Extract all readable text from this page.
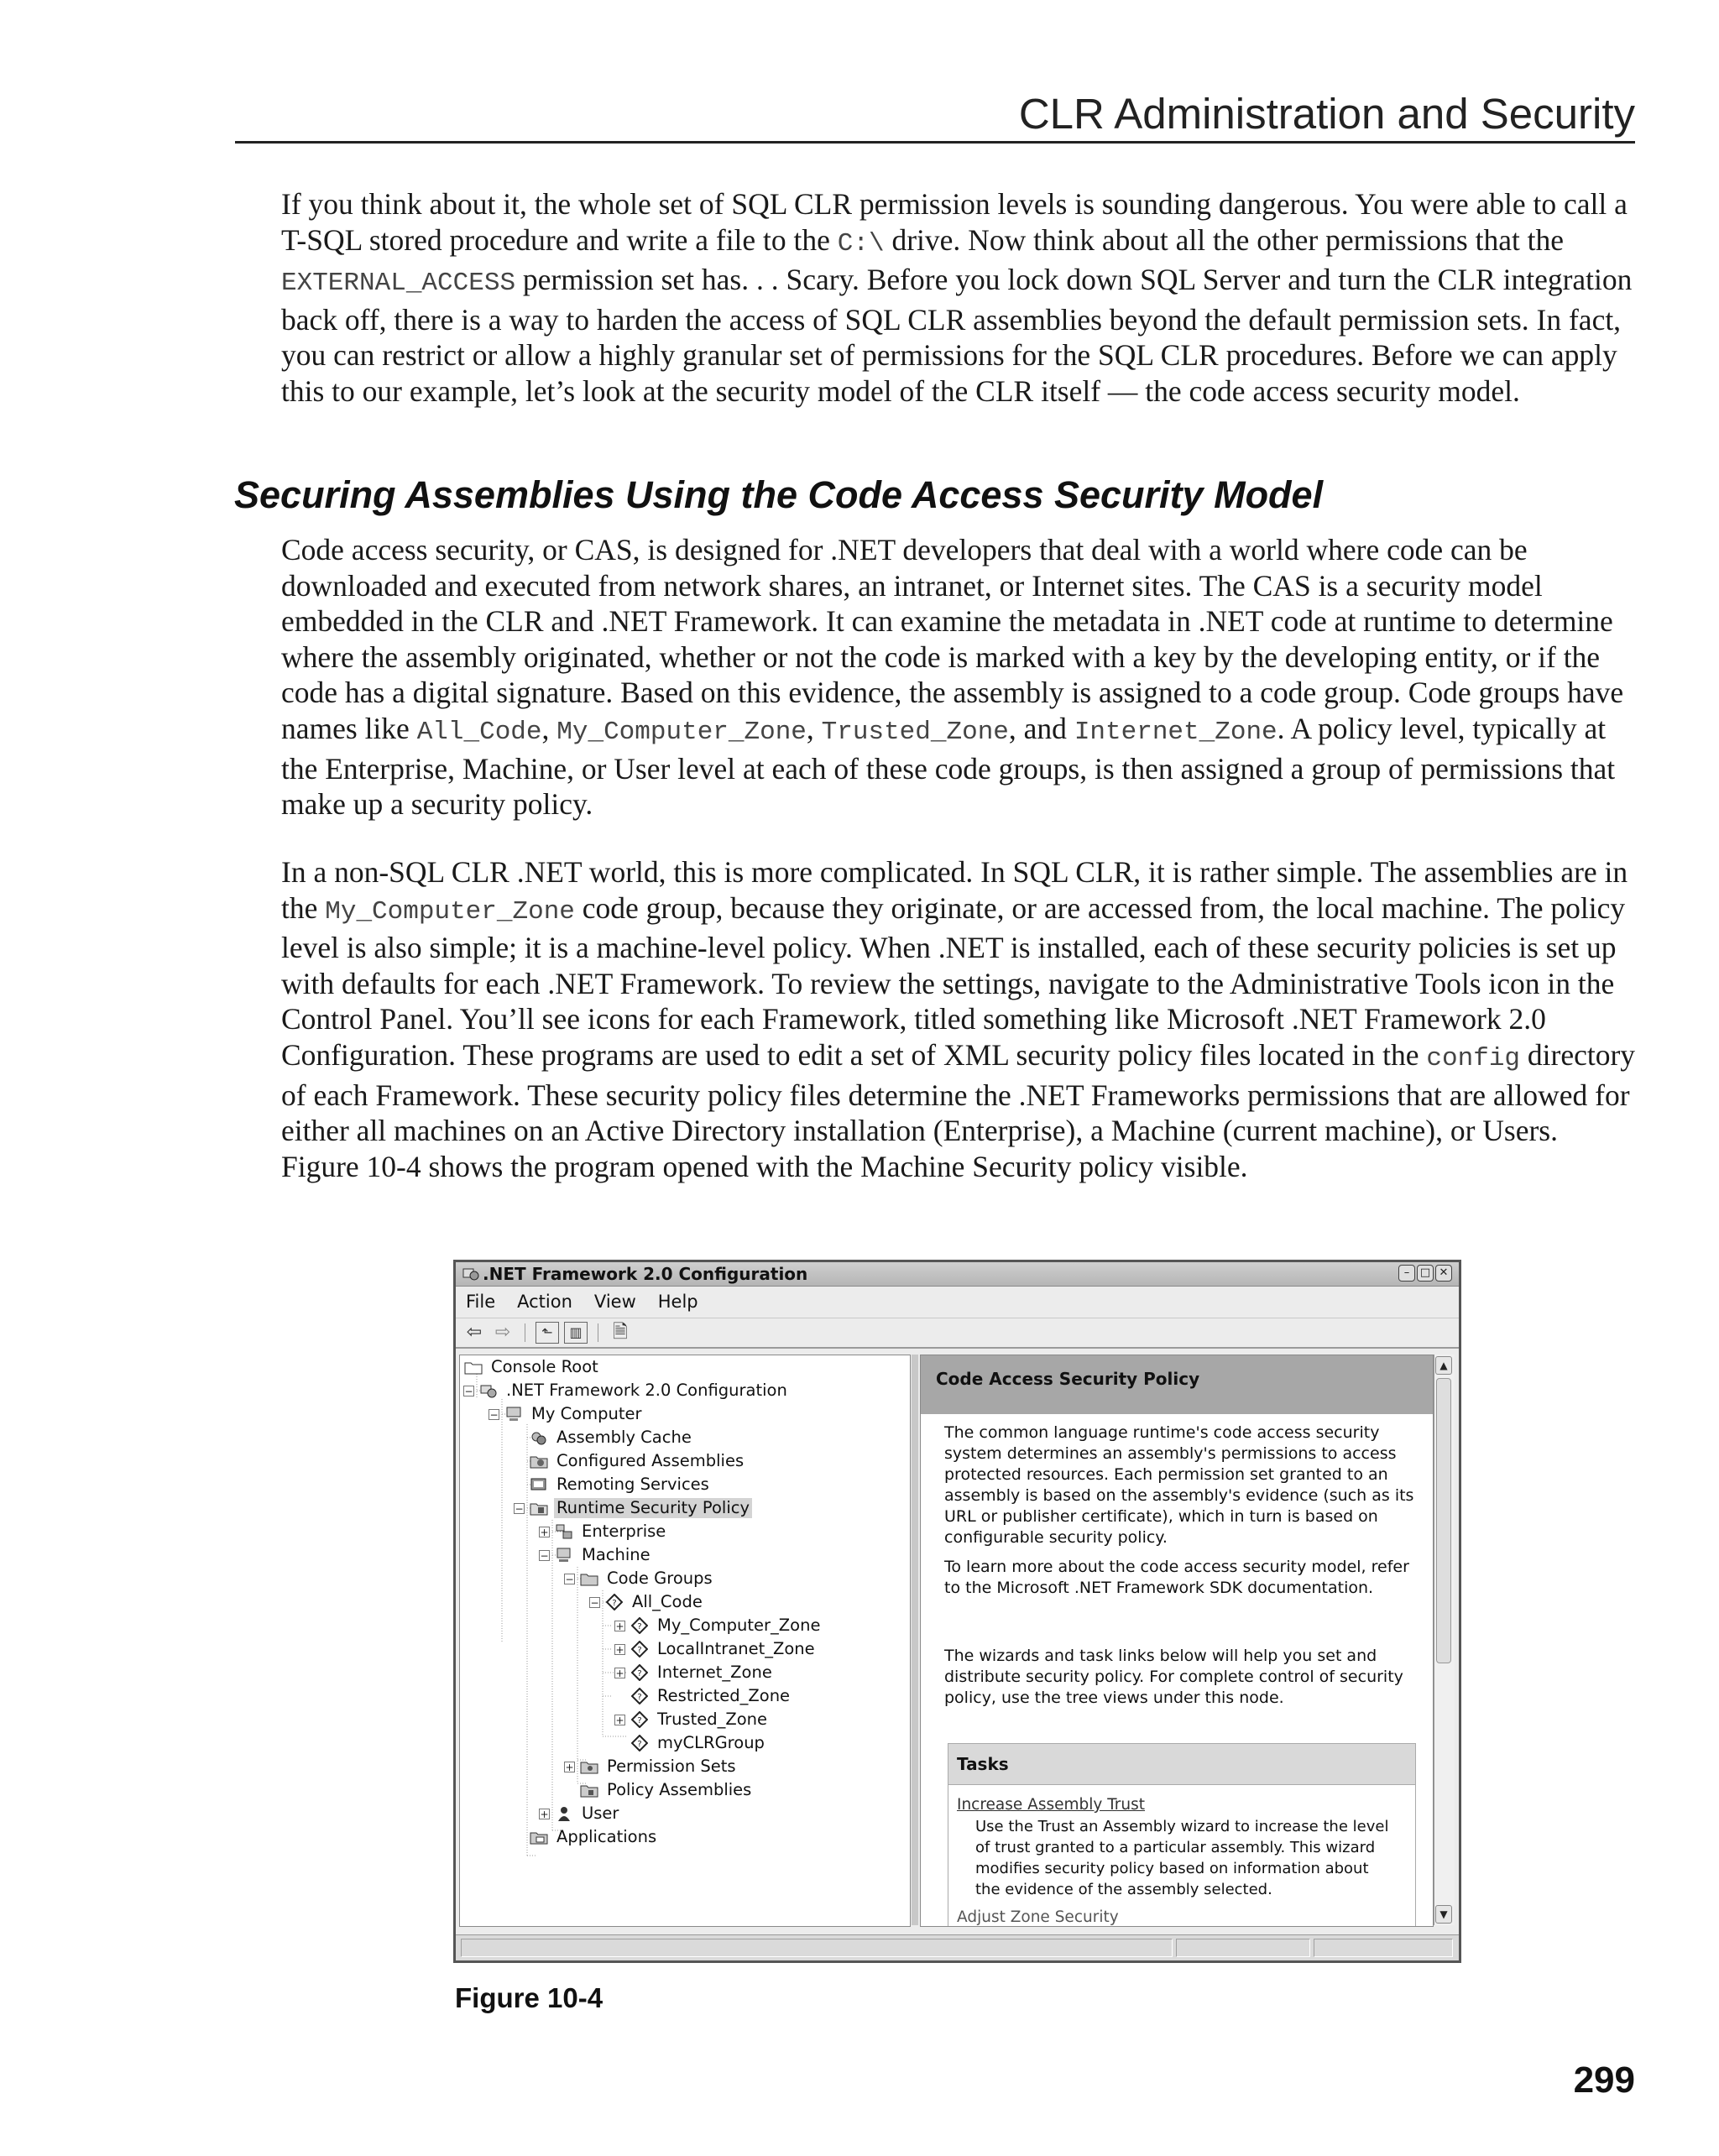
CLR Administration and Security

If you think about it, the whole set of SQL CLR permission levels is sounding dangerous. You were able to call a T-SQL stored procedure and write a file to the C:\ drive. Now think about all the other permissions that the EXTERNAL_ACCESS permission set has. . . Scary. Before you lock down SQL Server and turn the CLR integration back off, there is a way to harden the access of SQL CLR assemblies beyond the default permission sets. In fact, you can restrict or allow a highly granular set of permissions for the SQL CLR procedures. Before we can apply this to our example, let’s look at the security model of the CLR itself — the code access security model.

Securing Assemblies Using the Code Access Security Model

Code access security, or CAS, is designed for .NET developers that deal with a world where code can be downloaded and executed from network shares, an intranet, or Internet sites. The CAS is a security model embedded in the CLR and .NET Framework. It can examine the metadata in .NET code at runtime to determine where the assembly originated, whether or not the code is marked with a key by the developing entity, or if the code has a digital signature. Based on this evidence, the assembly is assigned to a code group. Code groups have names like All_Code, My_Computer_Zone, Trusted_Zone, and Internet_Zone. A policy level, typically at the Enterprise, Machine, or User level at each of these code groups, is then assigned a group of permissions that make up a security policy.

In a non-SQL CLR .NET world, this is more complicated. In SQL CLR, it is rather simple. The assemblies are in the My_Computer_Zone code group, because they originate, or are accessed from, the local machine. The policy level is also simple; it is a machine-level policy. When .NET is installed, each of these security policies is set up with defaults for each .NET Framework. To review the settings, navigate to the Administrative Tools icon in the Control Panel. You’ll see icons for each Framework, titled something like Microsoft .NET Framework 2.0 Configuration. These programs are used to edit a set of XML security policy files located in the config directory of each Framework. These security policy files determine the .NET Frameworks permissions that are allowed for either all machines on an Active Directory installation (Enterprise), a Machine (current machine), or Users. Figure 10-4 shows the program opened with the Machine Security policy visible.

.NET Framework 2.0 Configuration	– □ ✕
File Action View Help
⇦ ⇨	⬑	▥ 🗎
Console Root
− .NET Framework 2.0 Configuration
− My Computer
Assembly Cache
Configured Assemblies
Remoting Services
− Runtime Security Policy
+ Enterprise
− Machine
− Code Groups
− ? All_Code
+ ? My_Computer_Zone
+ ? LocalIntranet_Zone
+ ? Internet_Zone
? Restricted_Zone
+ ? Trusted_Zone
? myCLRGroup
+ Permission Sets
Policy Assemblies
+ User
Applications
Code Access Security Policy

The common language runtime's code access security system determines an assembly's permissions to access protected resources. Each permission set granted to an assembly is based on the assembly's evidence (such as its URL or publisher certificate), which in turn is based on configurable security policy.

To learn more about the code access security model, refer to the Microsoft .NET Framework SDK documentation.

The wizards and task links below will help you set and distribute security policy. For complete control of security policy, use the tree views under this node.

Tasks
Increase Assembly Trust

Use the Trust an Assembly wizard to increase the level of trust granted to a particular assembly. This wizard modifies security policy based on information about the evidence of the assembly selected.

Adjust Zone Security
▲
▼
Figure 10-4
299
